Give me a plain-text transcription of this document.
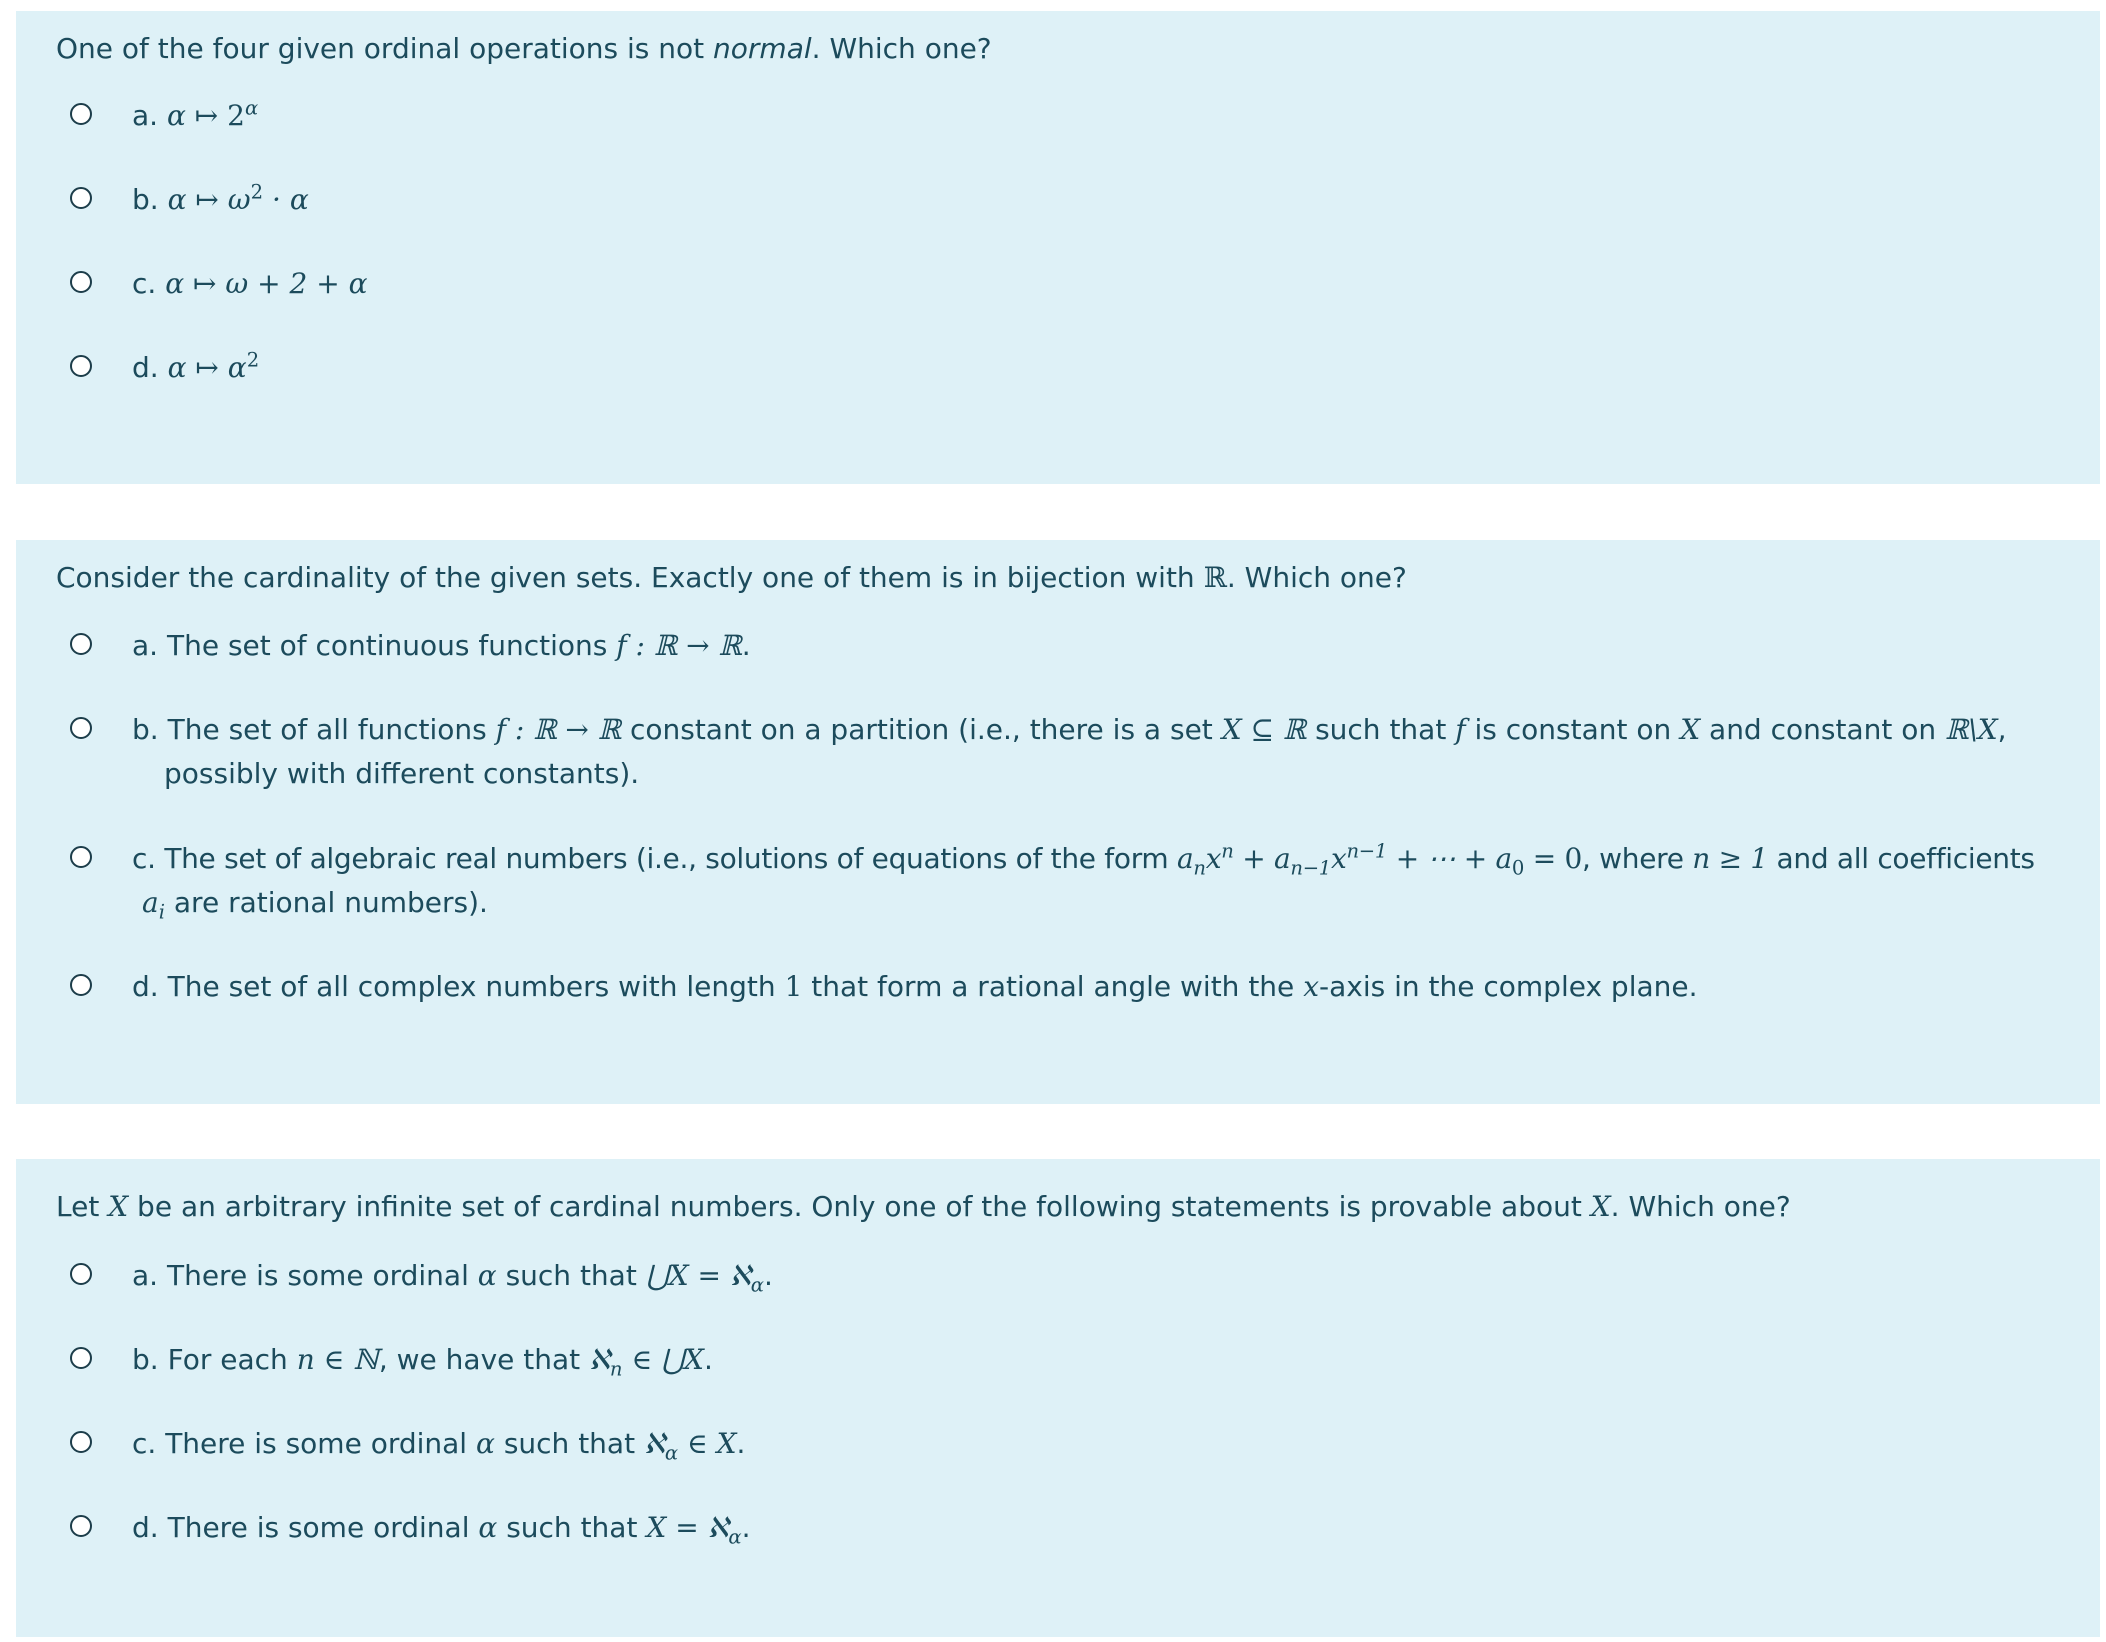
One of the four given ordinal operations is not normal. Which one?
a. α ↦ $2^\alpha$
b. α ↦ $\omega^2 \cdot \alpha$
c. α ↦ ω + 2 + α
d. α ↦ $\alpha^2$
Consider the cardinality of the given sets. Exactly one of them is in bijection with ℝ. Which one?
a. The set of continuous functions f : ℝ → ℝ.
b. The set of all functions f : ℝ → ℝ constant on a partition (i.e., there is a set X ⊆ ℝ such that f is constant on X and constant on ℝ\X,
possibly with different constants).
c. The set of algebraic real numbers (i.e., solutions of equations of the form $a_nx^n + a_{n-1}x^{n-1}$ + ⋯ + $a_0 = 0$, where n ≥ 1 and all coefficients
$a_i$ are rational numbers).
d. The set of all complex numbers with length 1 that form a rational angle with the x-axis in the complex plane.
Let X be an arbitrary infinite set of cardinal numbers. Only one of the following statements is provable about X. Which one?
a. There is some ordinal α such that ⋃X = ℵ$_\alpha$.
b. For each n ∈ ℕ, we have that ℵ$_n$ ∈ ⋃X.
c. There is some ordinal α such that ℵ$_\alpha$ ∈ X.
d. There is some ordinal α such that X = ℵ$_\alpha$.
